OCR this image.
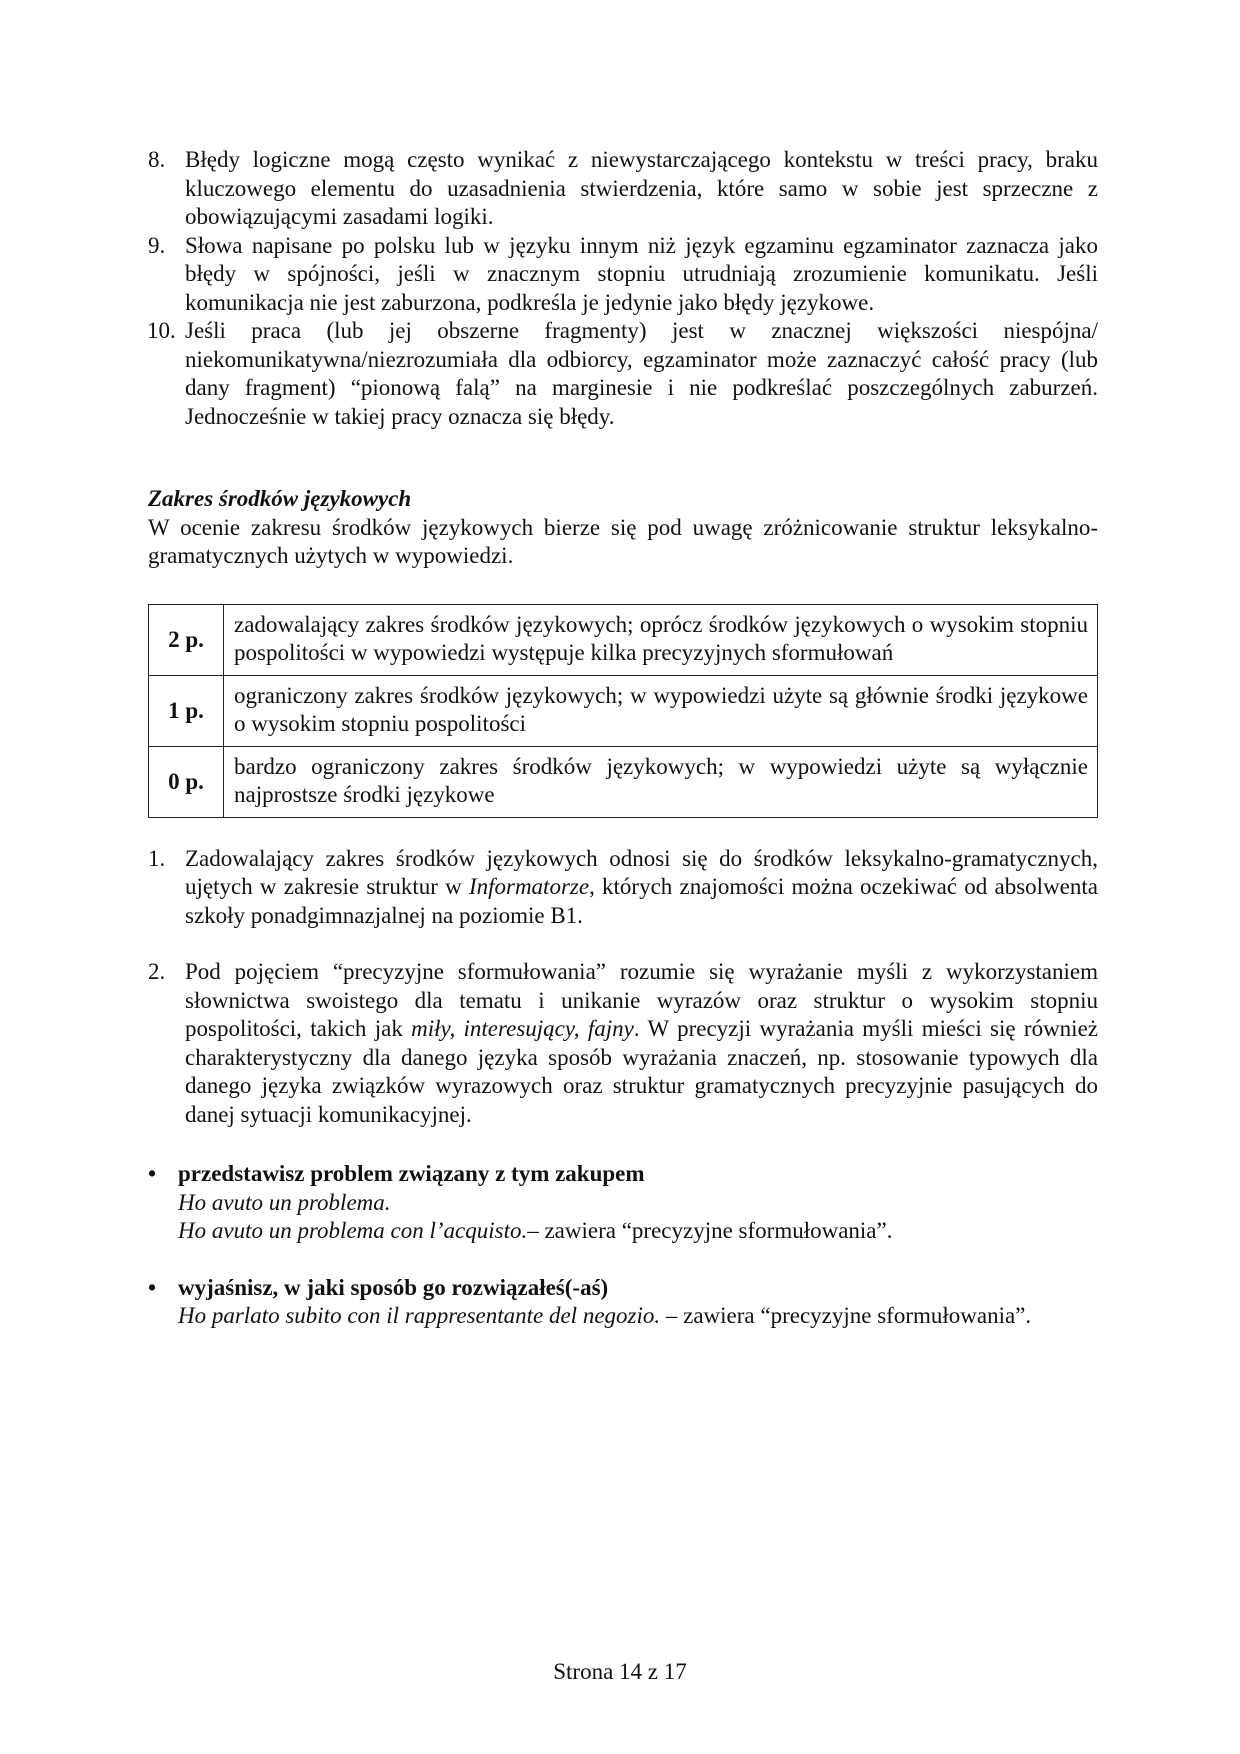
8. Błędy logiczne mogą często wynikać z niewystarczającego kontekstu w treści pracy, braku kluczowego elementu do uzasadnienia stwierdzenia, które samo w sobie jest sprzeczne z obowiązującymi zasadami logiki.
9. Słowa napisane po polsku lub w języku innym niż język egzaminu egzaminator zaznacza jako błędy w spójności, jeśli w znacznym stopniu utrudniają zrozumienie komunikatu. Jeśli komunikacja nie jest zaburzona, podkreśla je jedynie jako błędy językowe.
10. Jeśli praca (lub jej obszerne fragmenty) jest w znacznej większości niespójna/ niekomunikatywna/niezrozumiała dla odbiorcy, egzaminator może zaznaczyć całość pracy (lub dany fragment) “pionową falą” na marginesie i nie podkreślać poszczególnych zaburzeń. Jednocześnie w takiej pracy oznacza się błędy.
Zakres środków językowych
W ocenie zakresu środków językowych bierze się pod uwagę zróżnicowanie struktur leksykalno-gramatycznych użytych w wypowiedzi.
2 p.	zadowalający zakres środków językowych; oprócz środków językowych o wysokim stopniu pospolitości w wypowiedzi występuje kilka precyzyjnych sformułowań
1 p.	ograniczony zakres środków językowych; w wypowiedzi użyte są głównie środki językowe o wysokim stopniu pospolitości
0 p.	bardzo ograniczony zakres środków językowych; w wypowiedzi użyte są wyłącznie najprostsze środki językowe
1. Zadowalający zakres środków językowych odnosi się do środków leksykalno-gramatycznych, ujętych w zakresie struktur w Informatorze, których znajomości można oczekiwać od absolwenta szkoły ponadgimnazjalnej na poziomie B1.
2. Pod pojęciem “precyzyjne sformułowania” rozumie się wyrażanie myśli z wykorzystaniem słownictwa swoistego dla tematu i unikanie wyrazów oraz struktur o wysokim stopniu pospolitości, takich jak miły, interesujący, fajny. W precyzji wyrażania myśli mieści się również charakterystyczny dla danego języka sposób wyrażania znaczeń, np. stosowanie typowych dla danego języka związków wyrazowych oraz struktur gramatycznych precyzyjnie pasujących do danej sytuacji komunikacyjnej.
• przedstawisz problem związany z tym zakupem
Ho avuto un problema.
Ho avuto un problema con l’acquisto.– zawiera “precyzyjne sformułowania”.
• wyjaśnisz, w jaki sposób go rozwiązałeś(-aś)
Ho parlato subito con il rappresentante del negozio. – zawiera “precyzyjne sformułowania”.
Strona 14 z 17
